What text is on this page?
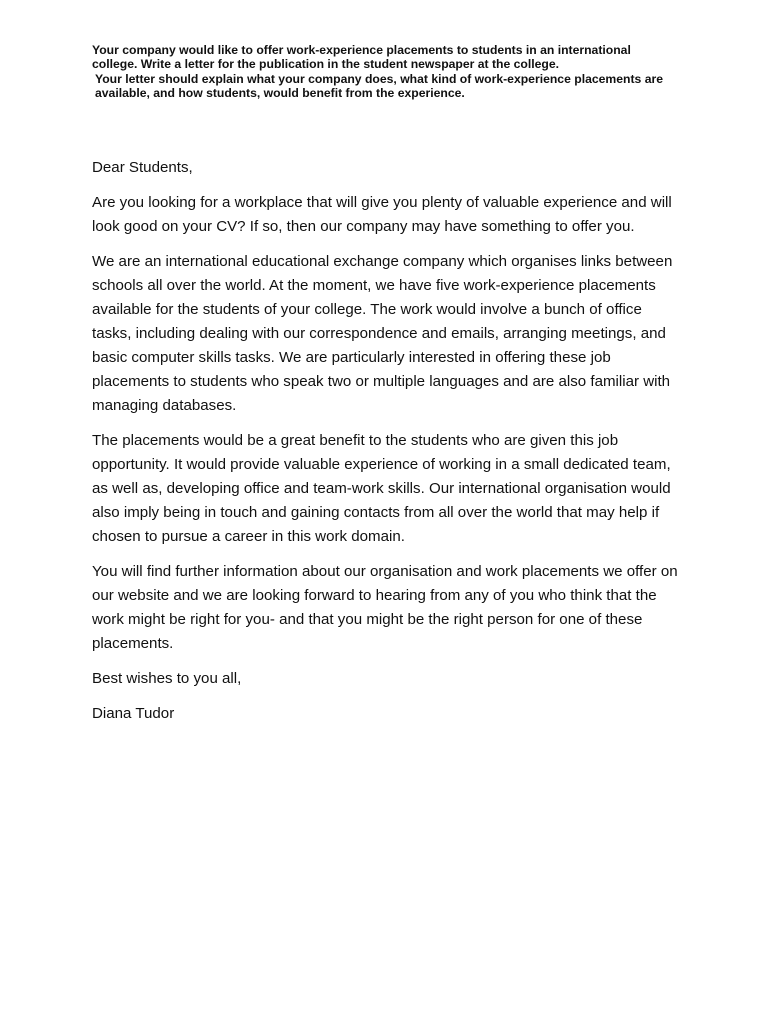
Your company would like to offer work-experience placements to students in an international college. Write a letter for the publication in the student newspaper at the college.

Your letter should explain what your company does, what kind of work-experience placements are available, and how students, would benefit from the experience.

Dear Students,

Are you looking for a workplace that will give you plenty of valuable experience and will look good on your CV? If so, then our company may have something to offer you.

We are an international educational exchange company which organises links between schools all over the world. At the moment, we have five work-experience placements available for the students of your college. The work would involve a bunch of office tasks, including dealing with our correspondence and emails, arranging meetings, and basic computer skills tasks. We are particularly interested in offering these job placements to students who speak two or multiple languages and are also familiar with managing databases.

The placements would be a great benefit to the students who are given this job opportunity. It would provide valuable experience of working in a small dedicated team, as well as, developing office and team-work skills. Our international organisation would also imply being in touch and gaining contacts from all over the world that may help if chosen to pursue a career in this work domain.

You will find further information about our organisation and work placements we offer on our website and we are looking forward to hearing from any of you who think that the work might be right for you- and that you might be the right person for one of these placements.

Best wishes to you all,

Diana Tudor
